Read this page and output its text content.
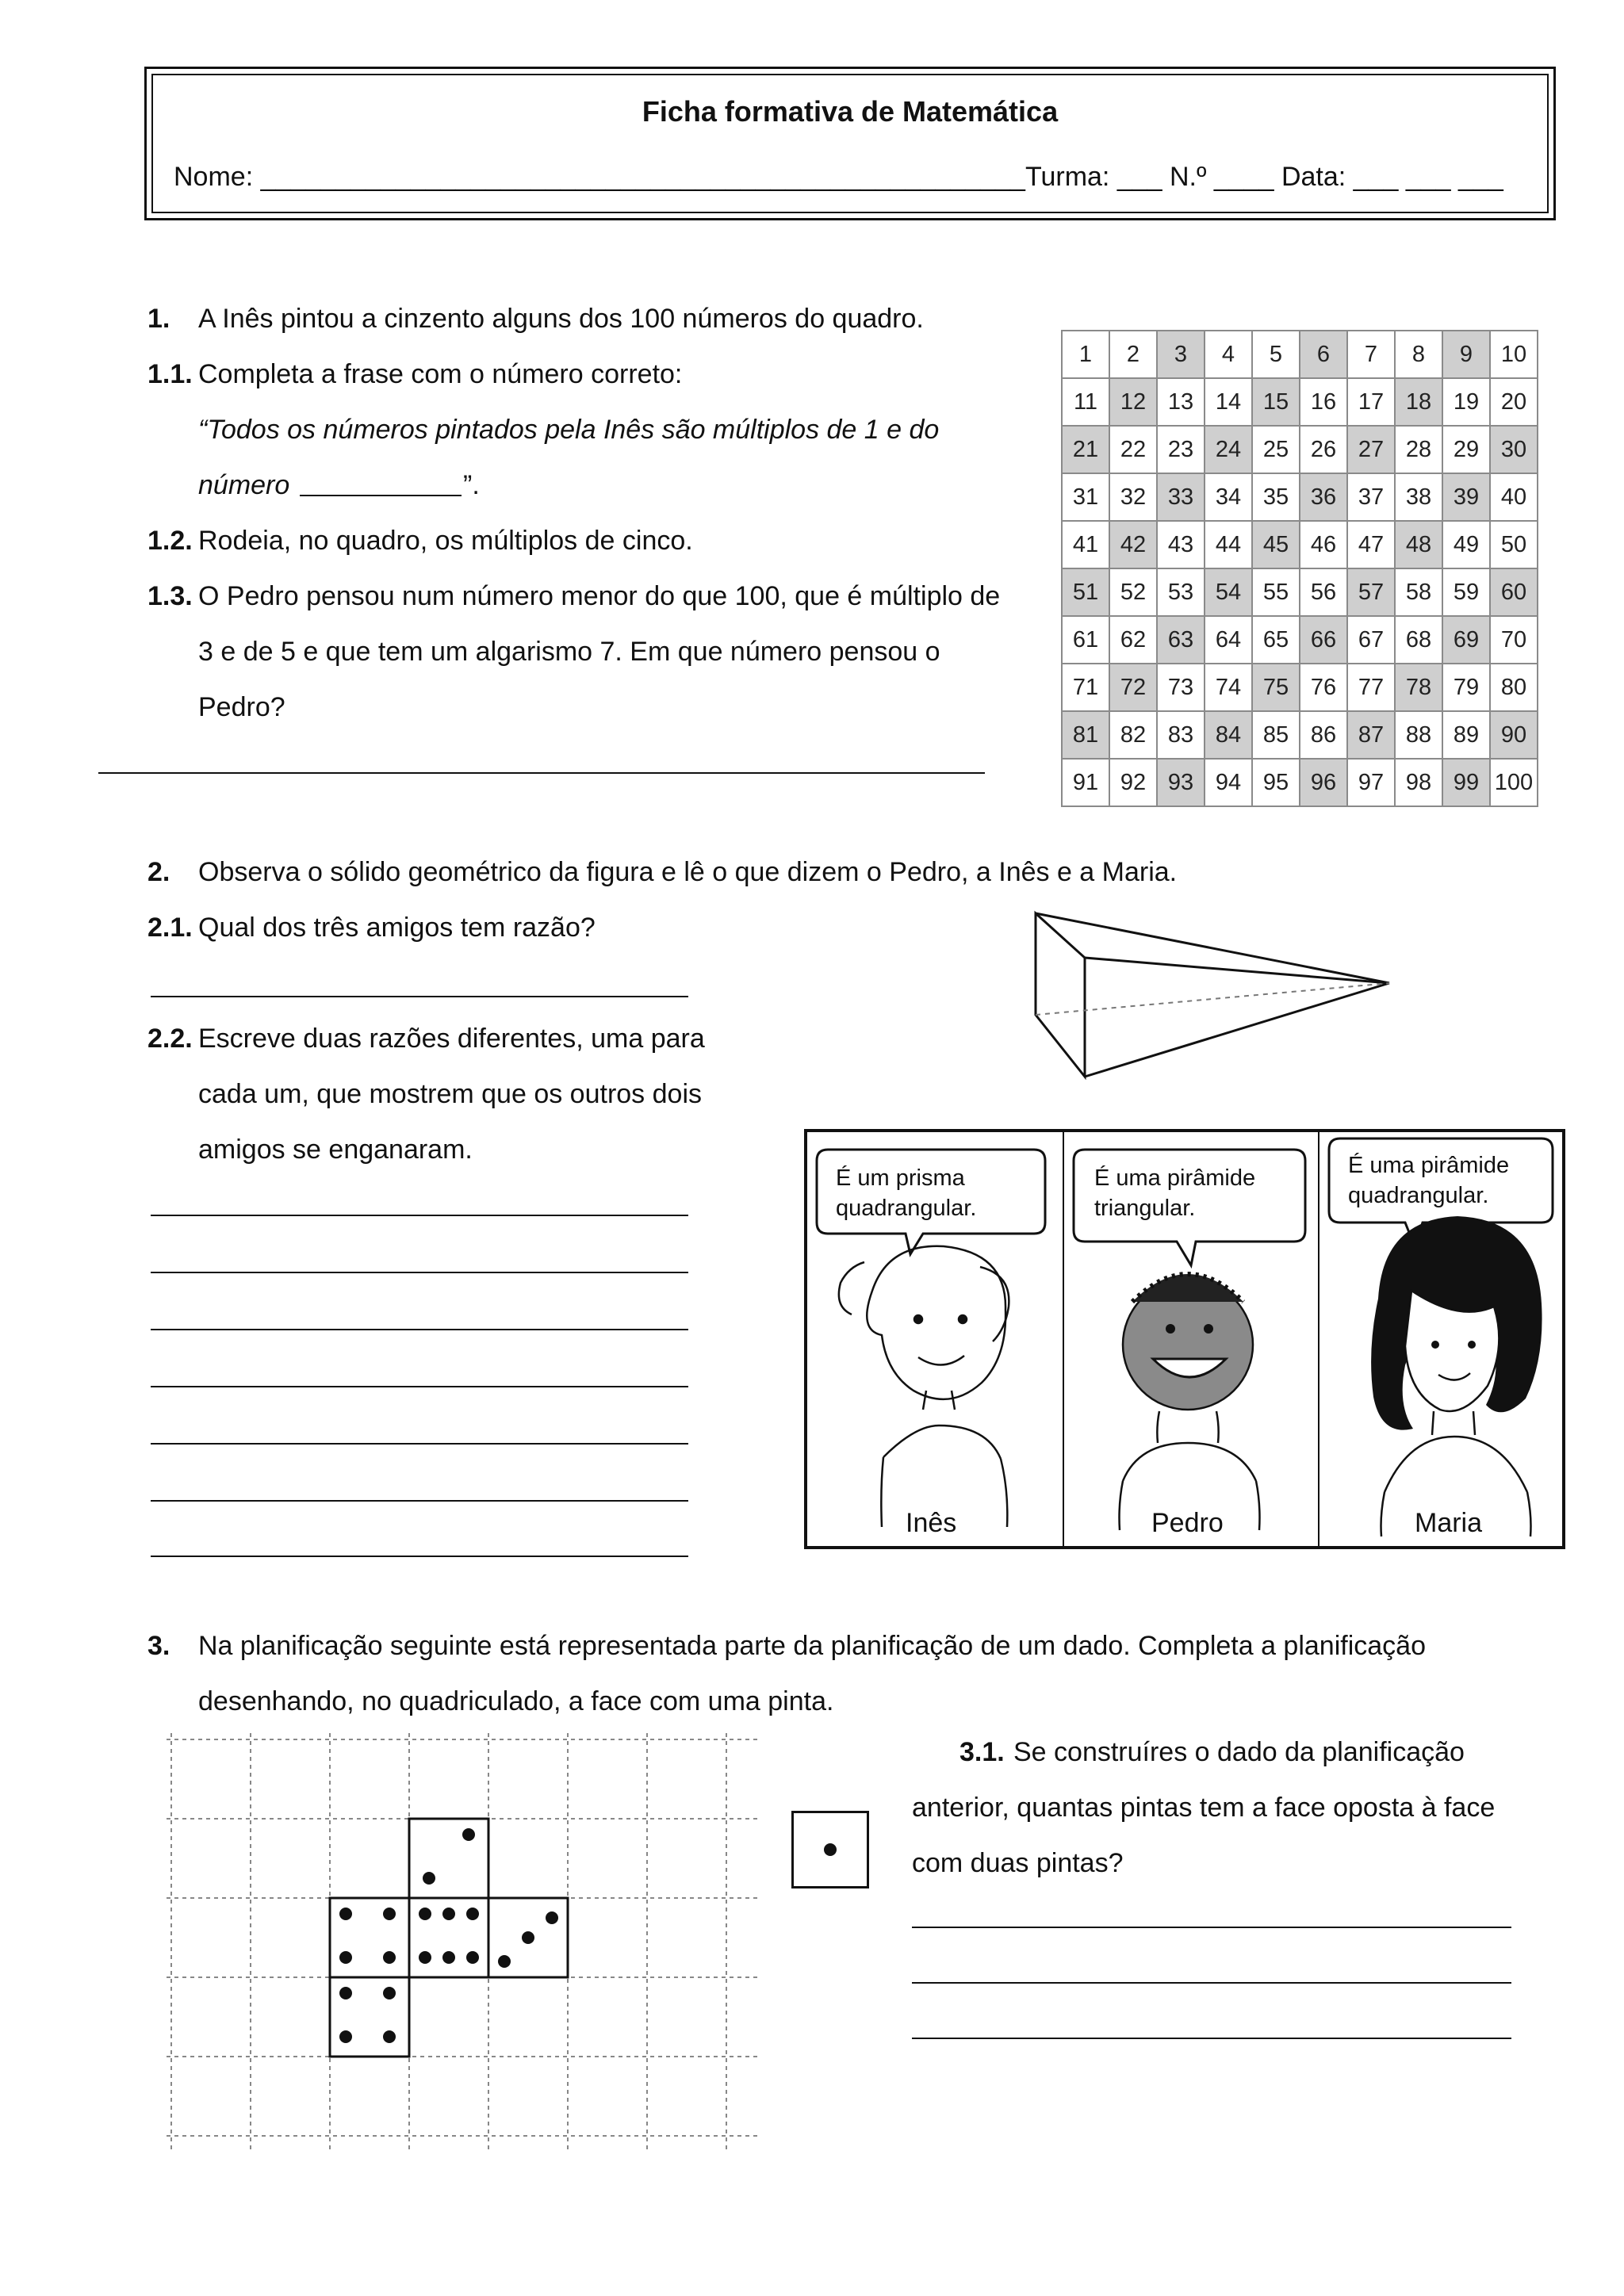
Ficha formativa de Matemática
Nome: ___________________________________________________Turma: ___ N.º ____ Data: ___ ___ ___
1. A Inês pintou a cinzento alguns dos 100 números do quadro.
1.1. Completa a frase com o número correto:
“Todos os números pintados pela Inês são múltiplos de 1 e do
número	”.
1.2. Rodeia, no quadro, os múltiplos de cinco.
1.3. O Pedro pensou num número menor do que 100, que é múltiplo de
3 e de 5 e que tem um algarismo 7. Em que número pensou o
Pedro?
1	2	3	4	5	6	7	8	9	10
11	12	13	14	15	16	17	18	19	20
21	22	23	24	25	26	27	28	29	30
31	32	33	34	35	36	37	38	39	40
41	42	43	44	45	46	47	48	49	50
51	52	53	54	55	56	57	58	59	60
61	62	63	64	65	66	67	68	69	70
71	72	73	74	75	76	77	78	79	80
81	82	83	84	85	86	87	88	89	90
91	92	93	94	95	96	97	98	99	100
2. Observa o sólido geométrico da figura e lê o que dizem o Pedro, a Inês e a Maria.
2.1. Qual dos três amigos tem razão?
2.2. Escreve duas razões diferentes, uma para
cada um, que mostrem que os outros dois
amigos se enganaram.
É um prisma
quadrangular.
É uma pirâmide
triangular.
É uma pirâmide
quadrangular.
Inês	Pedro	Maria
3. Na planificação seguinte está representada parte da planificação de um dado. Completa a planificação
desenhando, no quadriculado, a face com uma pinta.
3.1. Se construíres o dado da planificação
anterior, quantas pintas tem a face oposta à face
com duas pintas?
